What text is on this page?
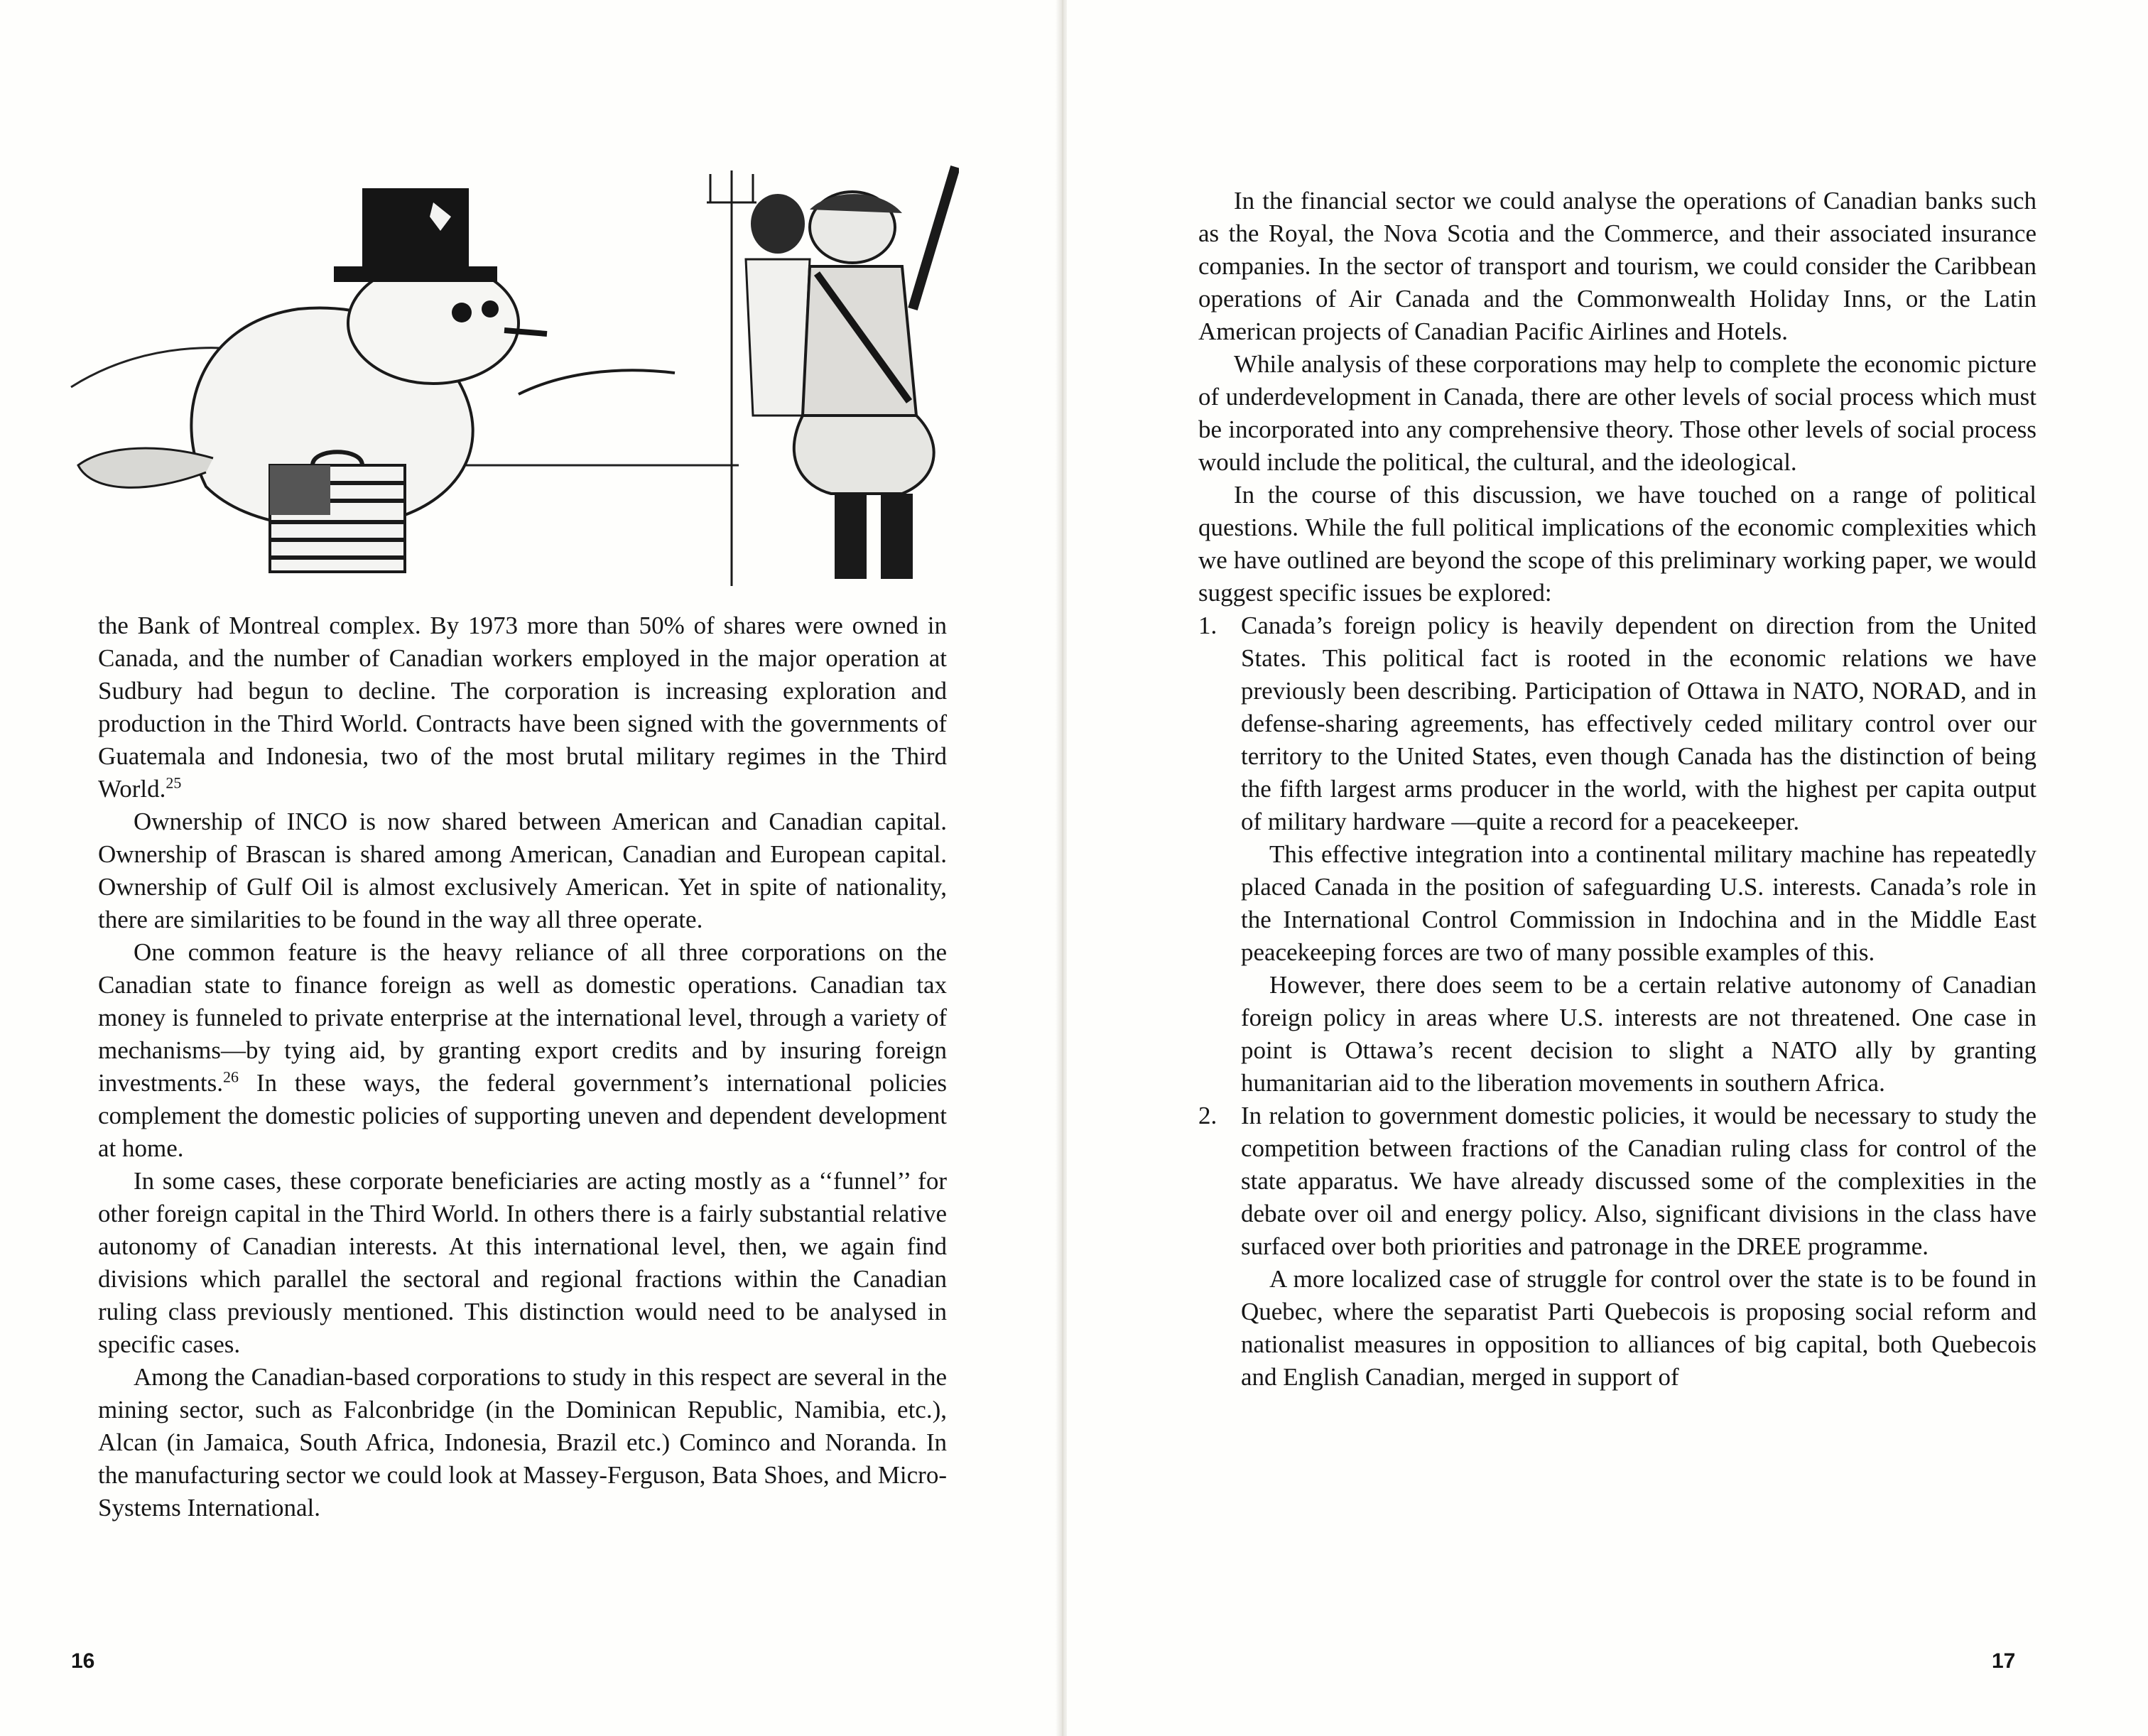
the Bank of Montreal complex. By 1973 more than 50% of shares were owned in Canada, and the number of Canadian workers employed in the major operation at Sudbury had begun to decline. The corporation is increasing exploration and production in the Third World. Contracts have been signed with the governments of Guatemala and Indonesia, two of the most brutal military regimes in the Third World.$^{25}$

Ownership of INCO is now shared between American and Canadian capital. Ownership of Brascan is shared among American, Canadian and European capital. Ownership of Gulf Oil is almost exclusively American. Yet in spite of nationality, there are similarities to be found in the way all three operate.

One common feature is the heavy reliance of all three corporations on the Canadian state to finance foreign as well as domestic operations. Canadian tax money is funneled to private enterprise at the international level, through a variety of mechanisms—by tying aid, by granting export credits and by insuring foreign investments.$^{26}$ In these ways, the federal government’s international policies complement the domestic policies of supporting uneven and dependent development at home.

In some cases, these corporate beneficiaries are acting mostly as a ‘‘funnel’’ for other foreign capital in the Third World. In others there is a fairly substantial relative autonomy of Canadian interests. At this international level, then, we again find divisions which parallel the sectoral and regional fractions within the Canadian ruling class previously mentioned. This distinction would need to be analysed in specific cases.

Among the Canadian-based corporations to study in this respect are several in the mining sector, such as Falconbridge (in the Dominican Republic, Namibia, etc.), Alcan (in Jamaica, South Africa, Indonesia, Brazil etc.) Cominco and Noranda. In the manufacturing sector we could look at Massey-Ferguson, Bata Shoes, and Micro-Systems International.

16

In the financial sector we could analyse the operations of Canadian banks such as the Royal, the Nova Scotia and the Commerce, and their associated insurance companies. In the sector of transport and tourism, we could consider the Caribbean operations of Air Canada and the Commonwealth Holiday Inns, or the Latin American projects of Canadian Pacific Airlines and Hotels.

While analysis of these corporations may help to complete the economic picture of underdevelopment in Canada, there are other levels of social process which must be incorporated into any comprehensive theory. Those other levels of social process would include the political, the cultural, and the ideological.

In the course of this discussion, we have touched on a range of political questions. While the full political implications of the economic complexities which we have outlined are beyond the scope of this preliminary working paper, we would suggest specific issues be explored:

1. Canada’s foreign policy is heavily dependent on direction from the United States. This political fact is rooted in the economic relations we have previously been describing. Participation of Ottawa in NATO, NORAD, and in defense-sharing agreements, has effectively ceded military control over our territory to the United States, even though Canada has the distinction of being the fifth largest arms producer in the world, with the highest per capita output of military hardware —quite a record for a peacekeeper.

This effective integration into a continental military machine has repeatedly placed Canada in the position of safeguarding U.S. interests. Canada’s role in the International Control Commission in Indochina and in the Middle East peacekeeping forces are two of many possible examples of this.

However, there does seem to be a certain relative autonomy of Canadian foreign policy in areas where U.S. interests are not threatened. One case in point is Ottawa’s recent decision to slight a NATO ally by granting humanitarian aid to the liberation movements in southern Africa.

2. In relation to government domestic policies, it would be necessary to study the competition between fractions of the Canadian ruling class for control of the state apparatus. We have already discussed some of the complexities in the debate over oil and energy policy. Also, significant divisions in the class have surfaced over both priorities and patronage in the DREE programme.

A more localized case of struggle for control over the state is to be found in Quebec, where the separatist Parti Quebecois is proposing social reform and nationalist measures in opposition to alliances of big capital, both Quebecois and English Canadian, merged in support of

17
